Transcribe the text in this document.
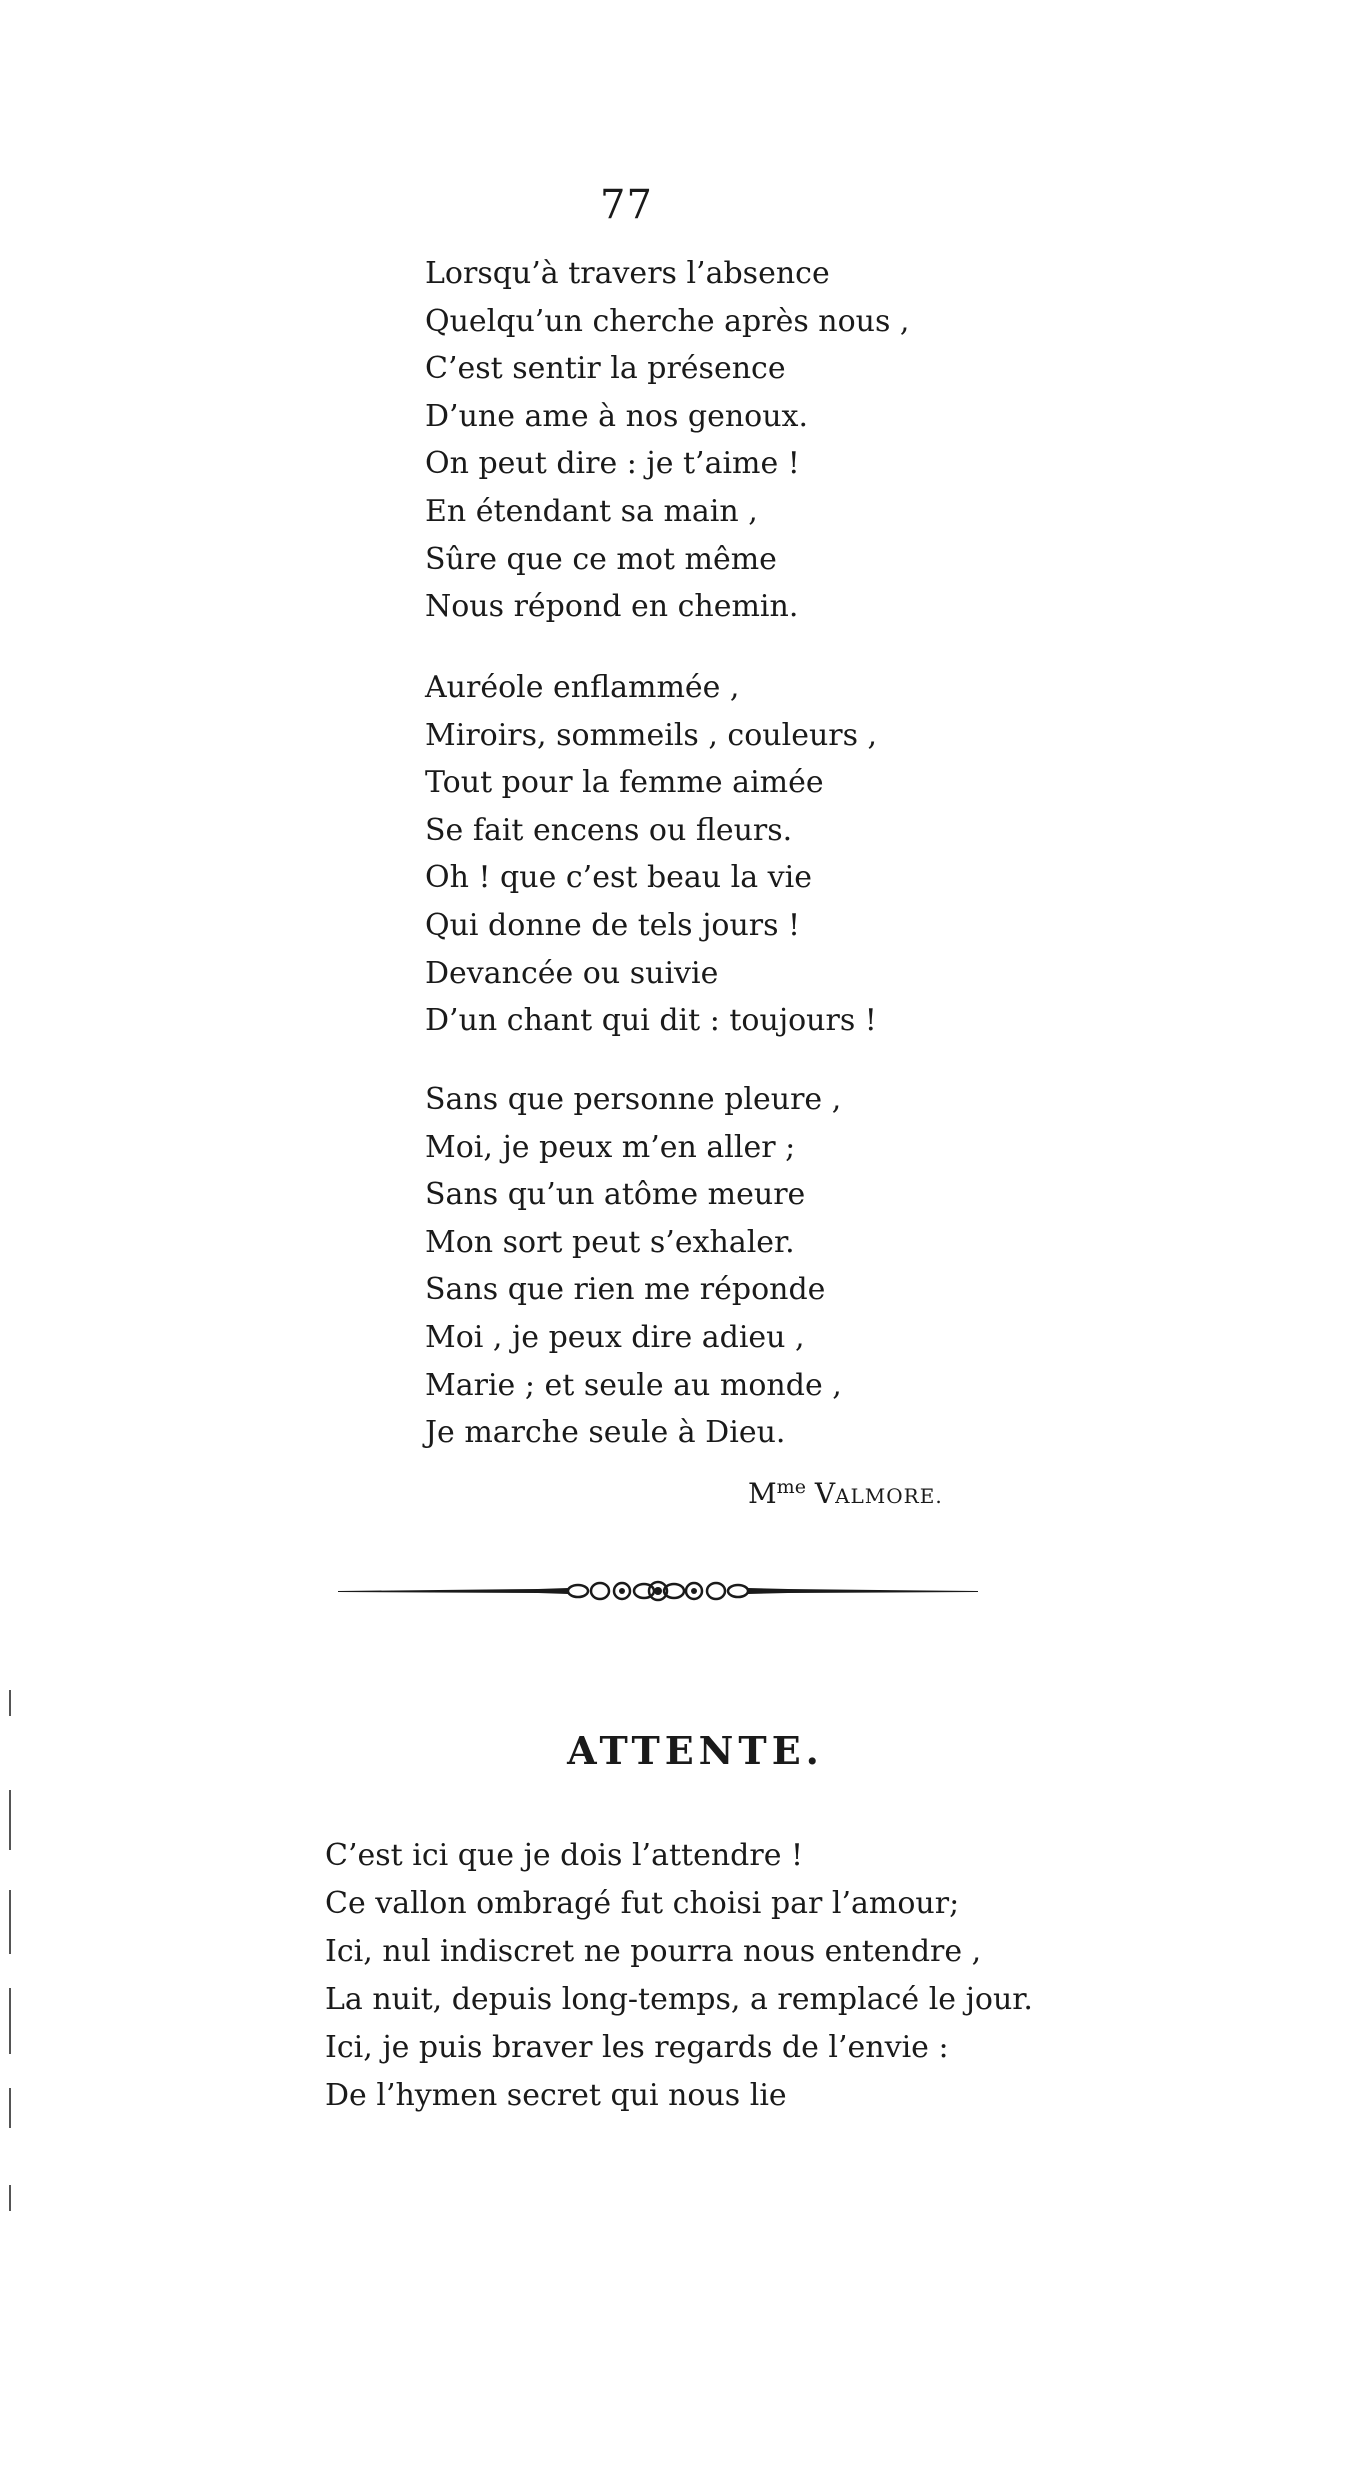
77
Lorsqu’à travers l’absence
Quelqu’un cherche après nous ,
C’est sentir la présence
D’une ame à nos genoux.
On peut dire : je t’aime !
En étendant sa main ,
Sûre que ce mot même
Nous répond en chemin.
Auréole enflammée ,
Miroirs, sommeils , couleurs ,
Tout pour la femme aimée
Se fait encens ou fleurs.
Oh ! que c’est beau la vie
Qui donne de tels jours !
Devancée ou suivie
D’un chant qui dit : toujours !
Sans que personne pleure ,
Moi, je peux m’en aller ;
Sans qu’un atôme meure
Mon sort peut s’exhaler.
Sans que rien me réponde
Moi , je peux dire adieu ,
Marie ; et seule au monde ,
Je marche seule à Dieu.
$M^{me}$ VALMORE.
ATTENTE.
C’est ici que je dois l’attendre !
Ce vallon ombragé fut choisi par l’amour;
Ici, nul indiscret ne pourra nous entendre ,
La nuit, depuis long-temps, a remplacé le jour.
Ici, je puis braver les regards de l’envie :
De l’hymen secret qui nous lie
